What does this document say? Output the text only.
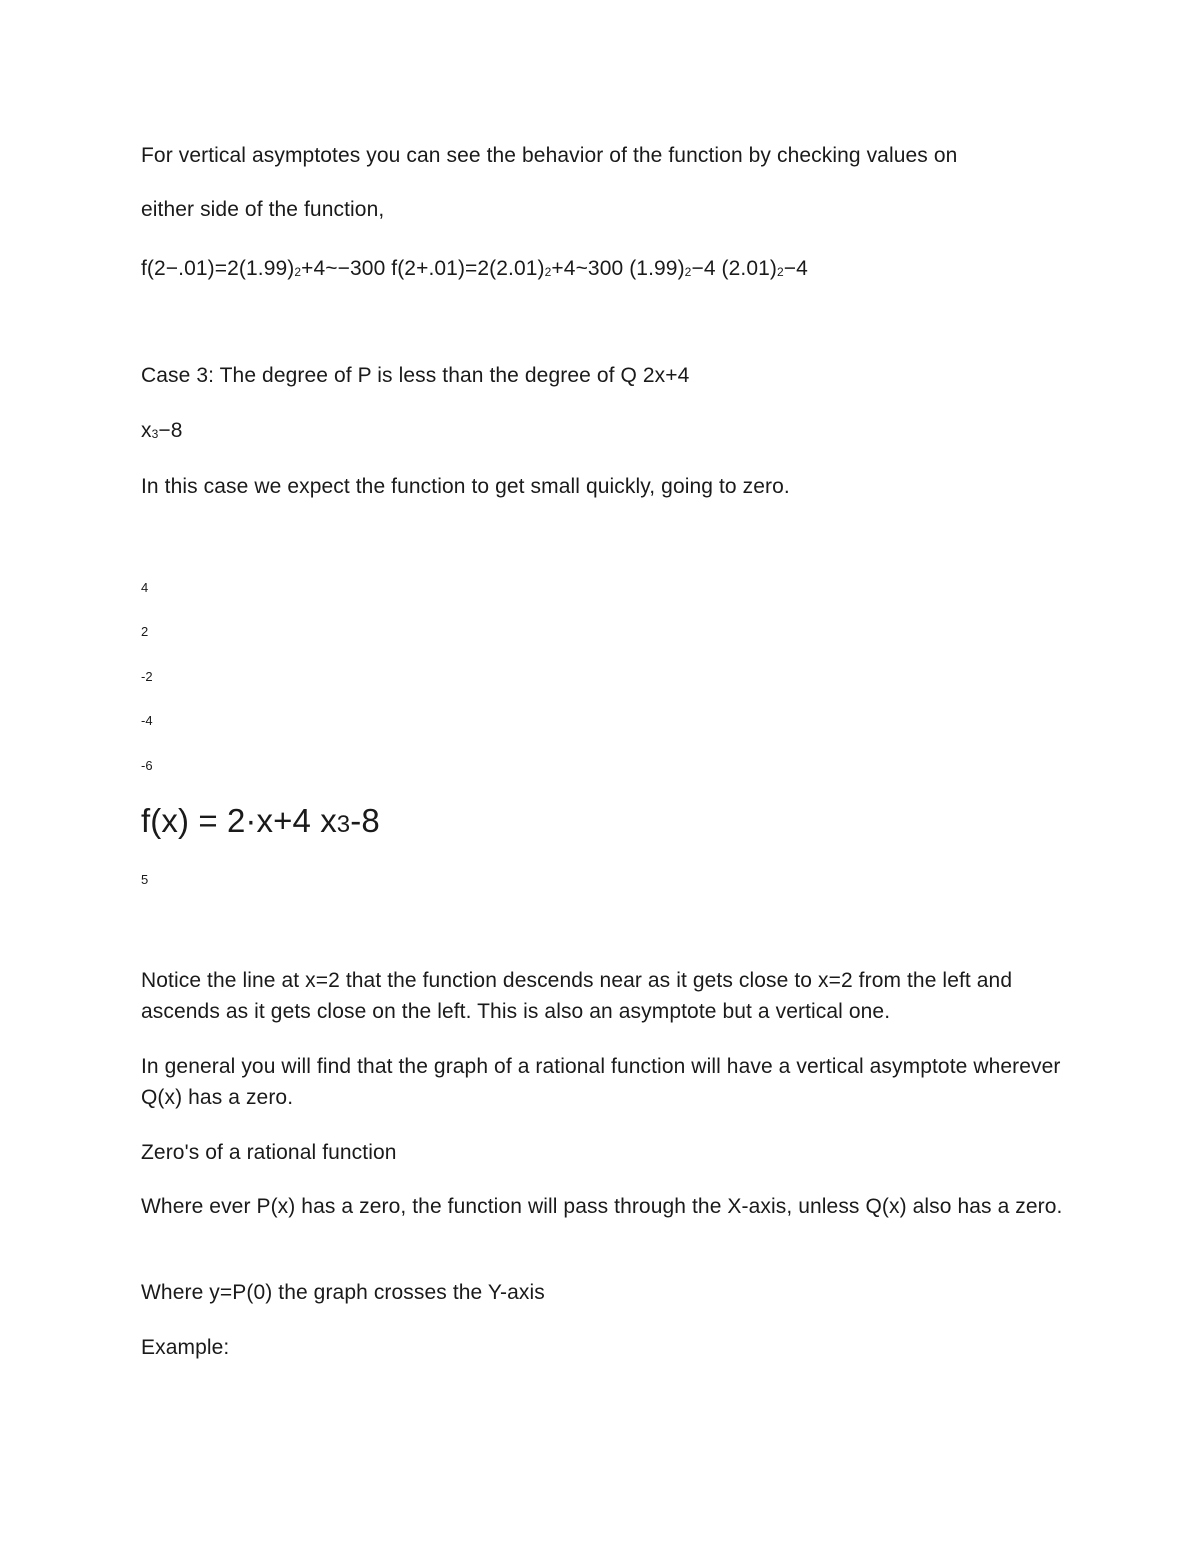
For vertical asymptotes you can see the behavior of the function by checking values on
either side of the function,
$f(2-.01)=2(1.99)_2+4\sim-300$ $f(2+.01)=2(2.01)_2+4\sim 300$ $(1.99)_2-4$ $(2.01)_2-4$
Case 3: The degree of P is less than the degree of Q 2x+4
$x_3-8$
In this case we expect the function to get small quickly, going to zero.
4
2
-2
-4
-6
f(x) = 2·x+4 x3-8
5
Notice the line at x=2 that the function descends near as it gets close to x=2 from the left and ascends as it gets close on the left. This is also an asymptote but a vertical one.
In general you will find that the graph of a rational function will have a vertical asymptote wherever Q(x) has a zero.
Zero's of a rational function
Where ever P(x) has a zero, the function will pass through the X-axis, unless Q(x) also has a zero.
Where y=P(0) the graph crosses the Y-axis
Example:
